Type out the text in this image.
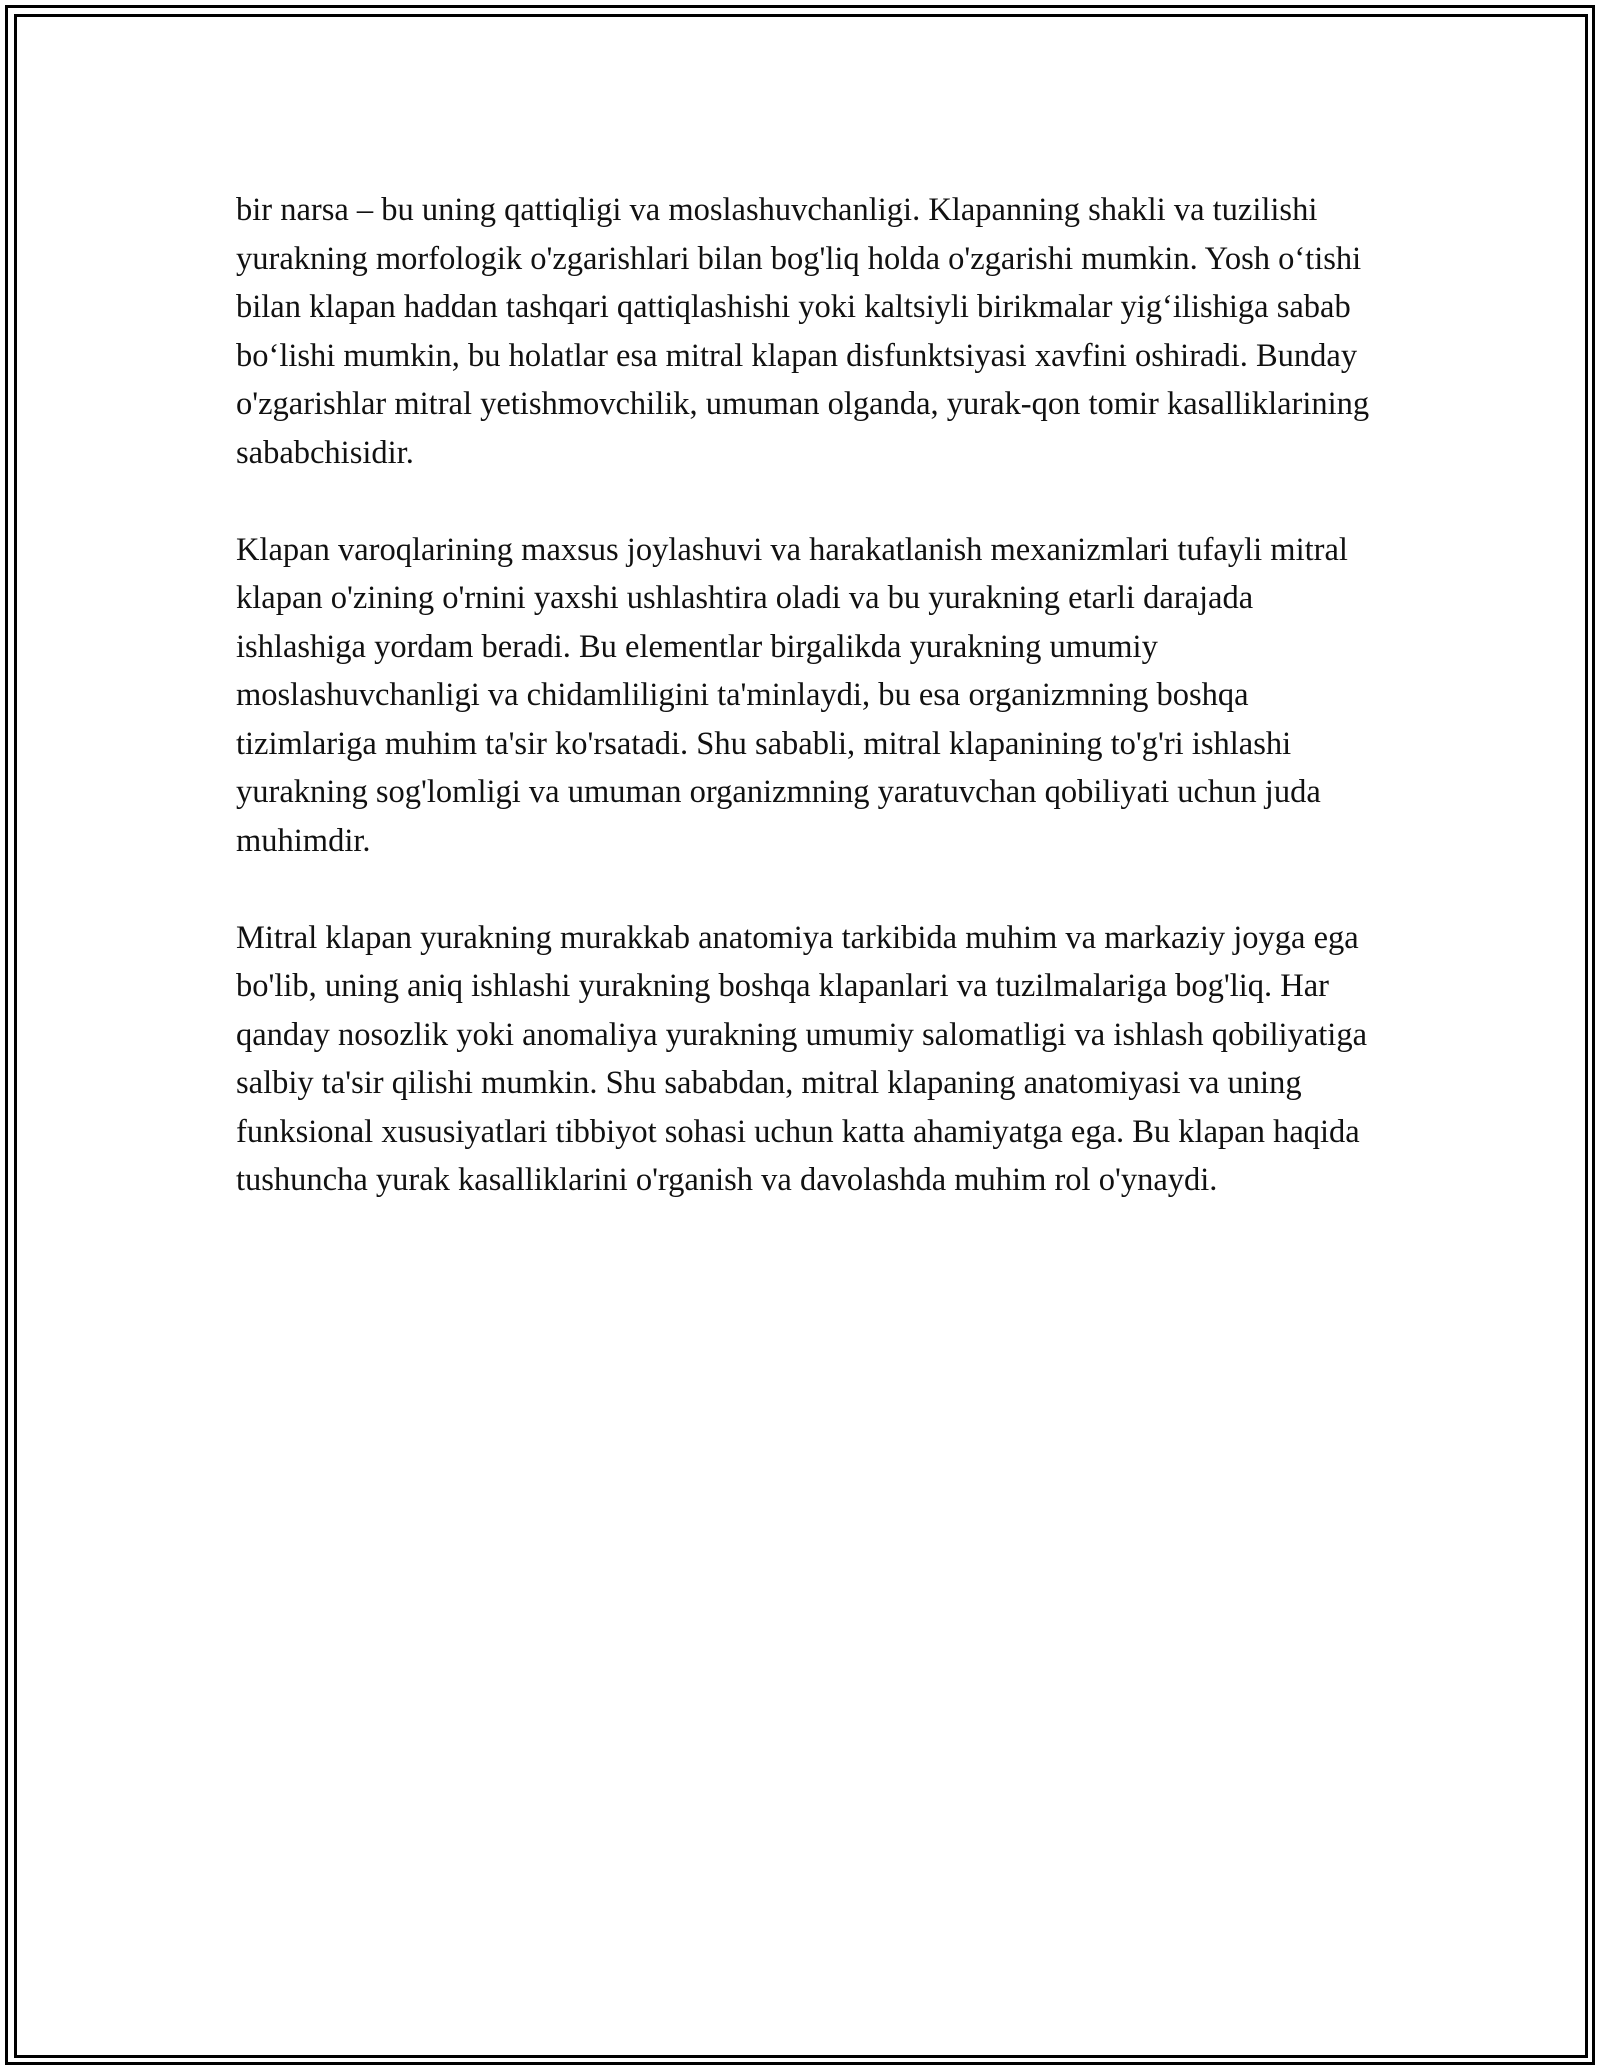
bir narsa – bu uning qattiqligi va moslashuvchanligi. Klapanning shakli va tuzilishi yurakning morfologik o'zgarishlari bilan bog'liq holda o'zgarishi mumkin. Yosh o‘tishi bilan klapan haddan tashqari qattiqlashishi yoki kaltsiyli birikmalar yig‘ilishiga sabab bo‘lishi mumkin, bu holatlar esa mitral klapan disfunktsiyasi xavfini oshiradi. Bunday o'zgarishlar mitral yetishmovchilik, umuman olganda, yurak-qon tomir kasalliklarining sababchisidir.

Klapan varoqlarining maxsus joylashuvi va harakatlanish mexanizmlari tufayli mitral klapan o'zining o'rnini yaxshi ushlashtira oladi va bu yurakning etarli darajada ishlashiga yordam beradi. Bu elementlar birgalikda yurakning umumiy moslashuvchanligi va chidamliligini ta'minlaydi, bu esa organizmning boshqa tizimlariga muhim ta'sir ko'rsatadi. Shu sababli, mitral klapanining to'g'ri ishlashi yurakning sog'lomligi va umuman organizmning yaratuvchan qobiliyati uchun juda muhimdir.

Mitral klapan yurakning murakkab anatomiya tarkibida muhim va markaziy joyga ega bo'lib, uning aniq ishlashi yurakning boshqa klapanlari va tuzilmalariga bog'liq. Har qanday nosozlik yoki anomaliya yurakning umumiy salomatligi va ishlash qobiliyatiga salbiy ta'sir qilishi mumkin. Shu sababdan, mitral klapaning anatomiyasi va uning funksional xususiyatlari tibbiyot sohasi uchun katta ahamiyatga ega. Bu klapan haqida tushuncha yurak kasalliklarini o'rganish va davolashda muhim rol o'ynaydi.
